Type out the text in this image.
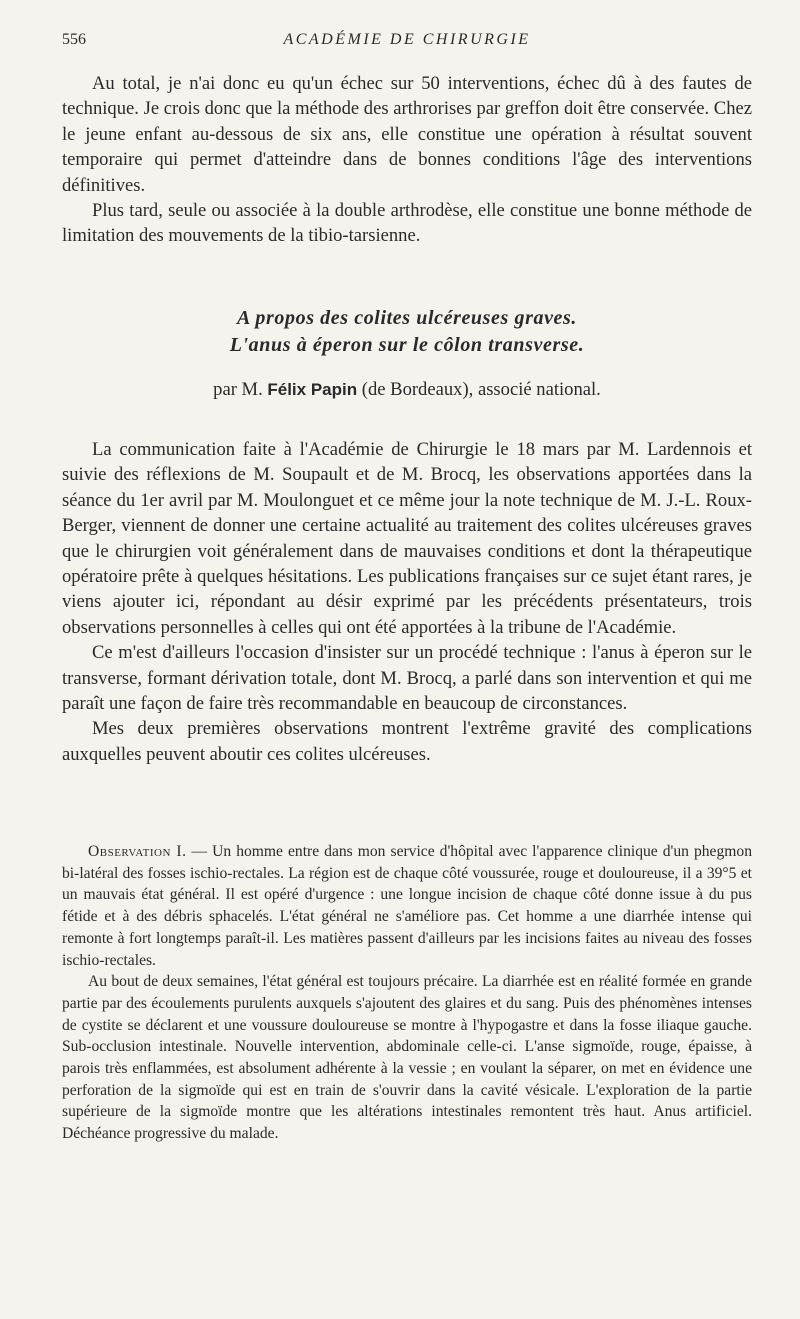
556	ACADÉMIE DE CHIRURGIE

Au total, je n'ai donc eu qu'un échec sur 50 interventions, échec dû à des fautes de technique. Je crois donc que la méthode des arthrorises par greffon doit être conservée. Chez le jeune enfant au-dessous de six ans, elle constitue une opération à résultat souvent temporaire qui permet d'atteindre dans de bonnes conditions l'âge des interventions définitives.

Plus tard, seule ou associée à la double arthrodèse, elle constitue une bonne méthode de limitation des mouvements de la tibio-tarsienne.

A propos des colites ulcéreuses graves.
L'anus à éperon sur le côlon transverse.
par M. Félix Papin (de Bordeaux), associé national.

La communication faite à l'Académie de Chirurgie le 18 mars par M. Lardennois et suivie des réflexions de M. Soupault et de M. Brocq, les observations apportées dans la séance du 1er avril par M. Moulonguet et ce même jour la note technique de M. J.-L. Roux-Berger, viennent de donner une certaine actualité au traitement des colites ulcéreuses graves que le chirurgien voit généralement dans de mauvaises conditions et dont la thérapeutique opératoire prête à quelques hésitations. Les publications françaises sur ce sujet étant rares, je viens ajouter ici, répondant au désir exprimé par les précédents présentateurs, trois observations personnelles à celles qui ont été apportées à la tribune de l'Académie.

Ce m'est d'ailleurs l'occasion d'insister sur un procédé technique : l'anus à éperon sur le transverse, formant dérivation totale, dont M. Brocq, a parlé dans son intervention et qui me paraît une façon de faire très recommandable en beaucoup de circonstances.

Mes deux premières observations montrent l'extrême gravité des complications auxquelles peuvent aboutir ces colites ulcéreuses.

Observation I. — Un homme entre dans mon service d'hôpital avec l'apparence clinique d'un phegmon bi-latéral des fosses ischio-rectales. La région est de chaque côté voussurée, rouge et douloureuse, il a 39°5 et un mauvais état général. Il est opéré d'urgence : une longue incision de chaque côté donne issue à du pus fétide et à des débris sphacelés. L'état général ne s'améliore pas. Cet homme a une diarrhée intense qui remonte à fort longtemps paraît-il. Les matières passent d'ailleurs par les incisions faites au niveau des fosses ischio-rectales.

Au bout de deux semaines, l'état général est toujours précaire. La diarrhée est en réalité formée en grande partie par des écoulements purulents auxquels s'ajoutent des glaires et du sang. Puis des phénomènes intenses de cystite se déclarent et une voussure douloureuse se montre à l'hypogastre et dans la fosse iliaque gauche. Sub-occlusion intestinale. Nouvelle intervention, abdominale celle-ci. L'anse sigmoïde, rouge, épaisse, à parois très enflammées, est absolument adhérente à la vessie ; en voulant la séparer, on met en évidence une perforation de la sigmoïde qui est en train de s'ouvrir dans la cavité vésicale. L'exploration de la partie supérieure de la sigmoïde montre que les altérations intestinales remontent très haut. Anus artificiel. Déchéance progressive du malade.
